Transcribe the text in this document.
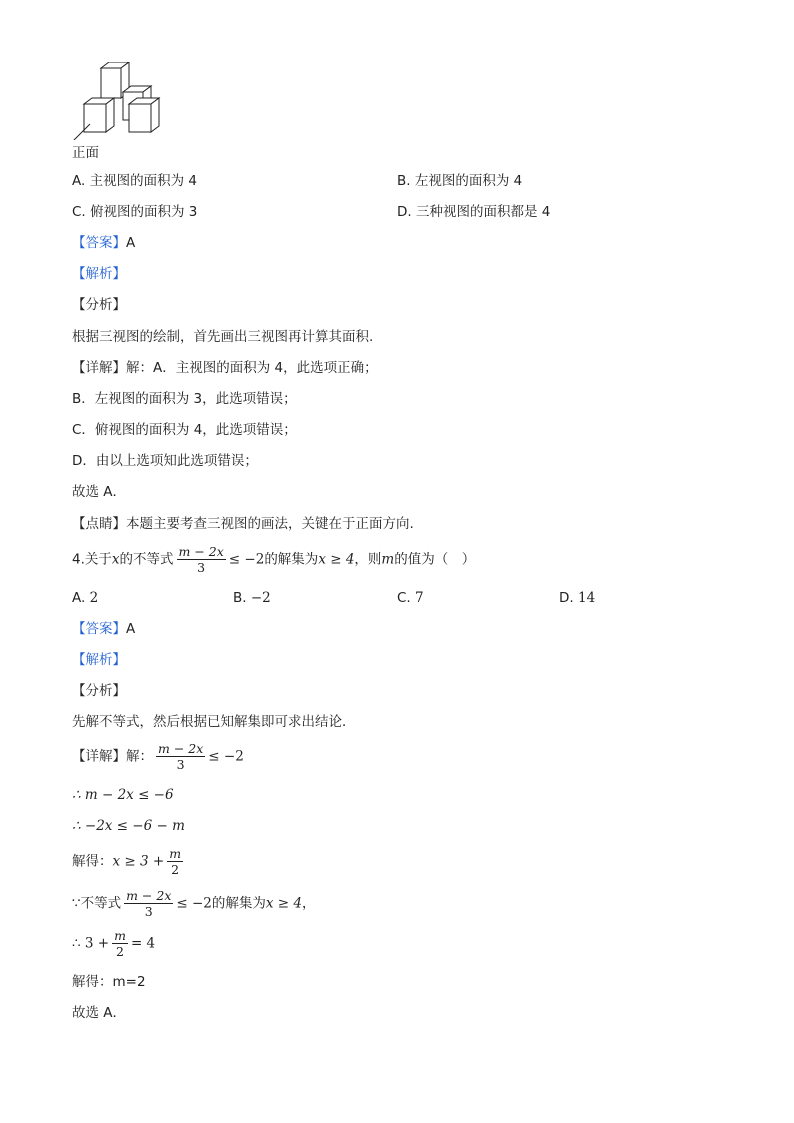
正面
A. 主视图的面积为 4	B. 左视图的面积为 4
C. 俯视图的面积为 3	D. 三种视图的面积都是 4
【答案】A
【解析】
【分析】
根据三视图的绘制，首先画出三视图再计算其面积.
【详解】解：A．主视图的面积为 4，此选项正确；
B．左视图的面积为 3，此选项错误；
C．俯视图的面积为 4，此选项错误；
D．由以上选项知此选项错误；
故选 A．
【点睛】本题主要考查三视图的画法，关键在于正面方向.
4.关于x的不等式 $\frac{m - 2x}{3} \le -2$的解集为x ≥ 4，则m的值为（　）
A. 2	B. −2	C. 7	D. 14
【答案】A
【解析】
【分析】
先解不等式，然后根据已知解集即可求出结论．
【详解】解： $\frac{m - 2x}{3} \le -2$
∴ m − 2x ≤ −6
∴ −2x ≤ −6 − m
解得：$x \ge 3 + \frac{m}{2}$
∵不等式 $\frac{m - 2x}{3} \le -2$的解集为x ≥ 4，
∴ $3 + \frac{m}{2} = 4$
解得：m=2
故选 A．
